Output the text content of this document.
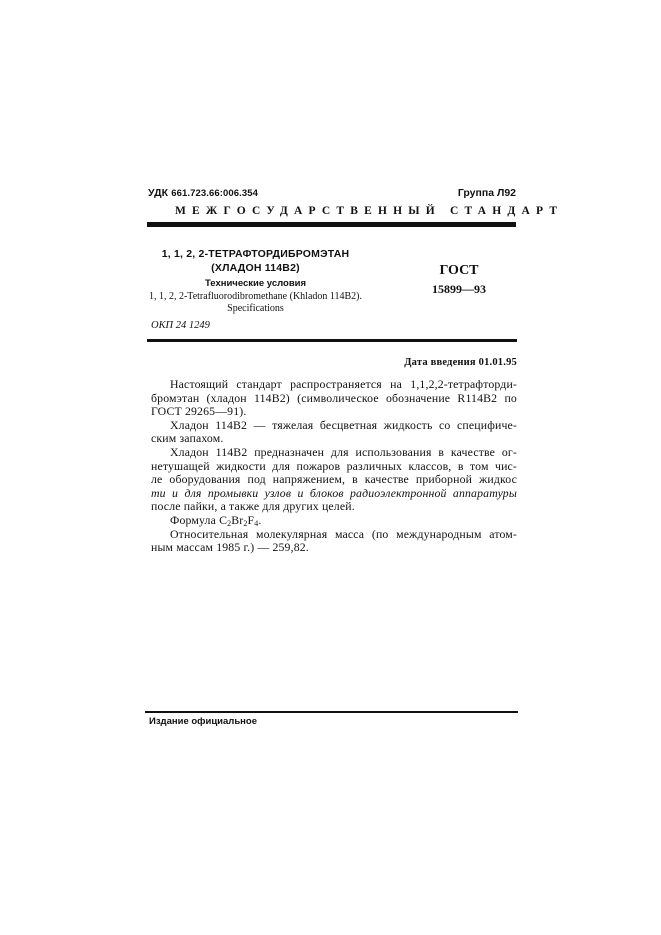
УДК 661.723.66:006.354	Группа Л92
МЕЖГОСУДАРСТВЕННЫЙ СТАНДАРТ
1, 1, 2, 2-ТЕТРАФТОРДИБРОМЭТАН
(ХЛАДОН 114В2)
Технические условия
1, 1, 2, 2-Tetrafluorodibromethane (Khladon 114B2).
Specifications
ГОСТ
15899—93
ОКП 24 1249
Дата введения 01.01.95
Настоящий стандарт распространяется на 1,1,2,2-тетрафторди-
бромэтан (хладон 114В2) (символическое обозначение R114B2 по
ГОСТ 29265—91).
Хладон 114В2 — тяжелая бесцветная жидкость со специфиче-
ским запахом.
Хладон 114В2 предназначен для использования в качестве ог-
нетушащей жидкости для пожаров различных классов, в том чис-
ле оборудования под напряжением, в качестве приборной жидкос
ти и для промывки узлов и блоков радиоэлектронной аппаратуры
после пайки, а также для других целей.
Формула $C_2Br_2F_4$.
Относительная молекулярная масса (по международным атом-
ным массам 1985 г.) — 259,82.
Издание официальное
